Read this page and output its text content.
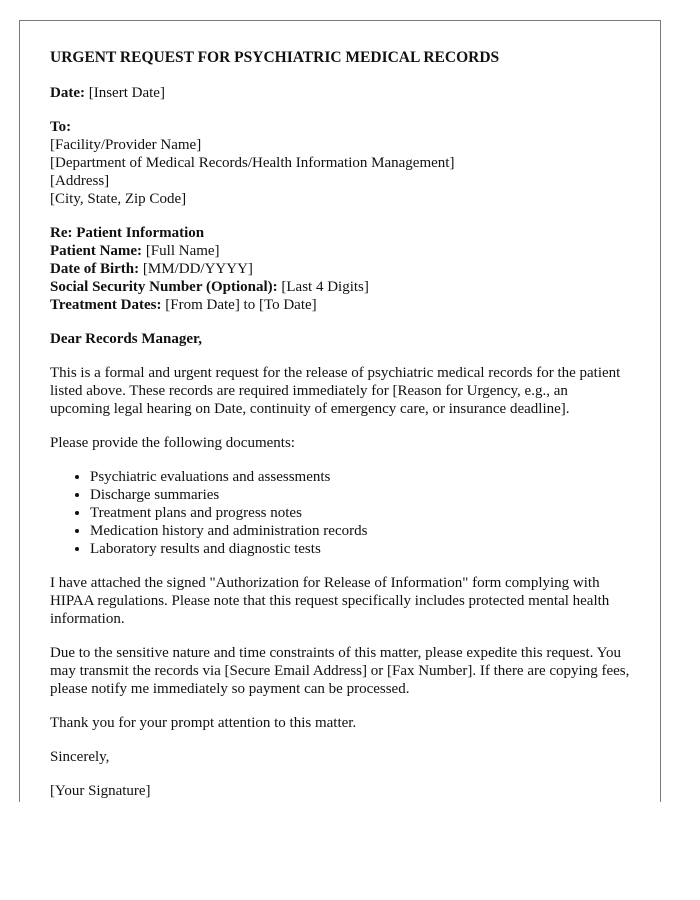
URGENT REQUEST FOR PSYCHIATRIC MEDICAL RECORDS
Date: [Insert Date]
To:
[Facility/Provider Name]
[Department of Medical Records/Health Information Management]
[Address]
[City, State, Zip Code]
Re: Patient Information
Patient Name: [Full Name]
Date of Birth: [MM/DD/YYYY]
Social Security Number (Optional): [Last 4 Digits]
Treatment Dates: [From Date] to [To Date]

Dear Records Manager,

This is a formal and urgent request for the release of psychiatric medical records for the patient listed above. These records are required immediately for [Reason for Urgency, e.g., an upcoming legal hearing on Date, continuity of emergency care, or insurance deadline].

Please provide the following documents:

• Psychiatric evaluations and assessments
• Discharge summaries
• Treatment plans and progress notes
• Medication history and administration records
• Laboratory results and diagnostic tests

I have attached the signed "Authorization for Release of Information" form complying with HIPAA regulations. Please note that this request specifically includes protected mental health information.

Due to the sensitive nature and time constraints of this matter, please expedite this request. You may transmit the records via [Secure Email Address] or [Fax Number]. If there are copying fees, please notify me immediately so payment can be processed.

Thank you for your prompt attention to this matter.

Sincerely,

[Your Signature]
